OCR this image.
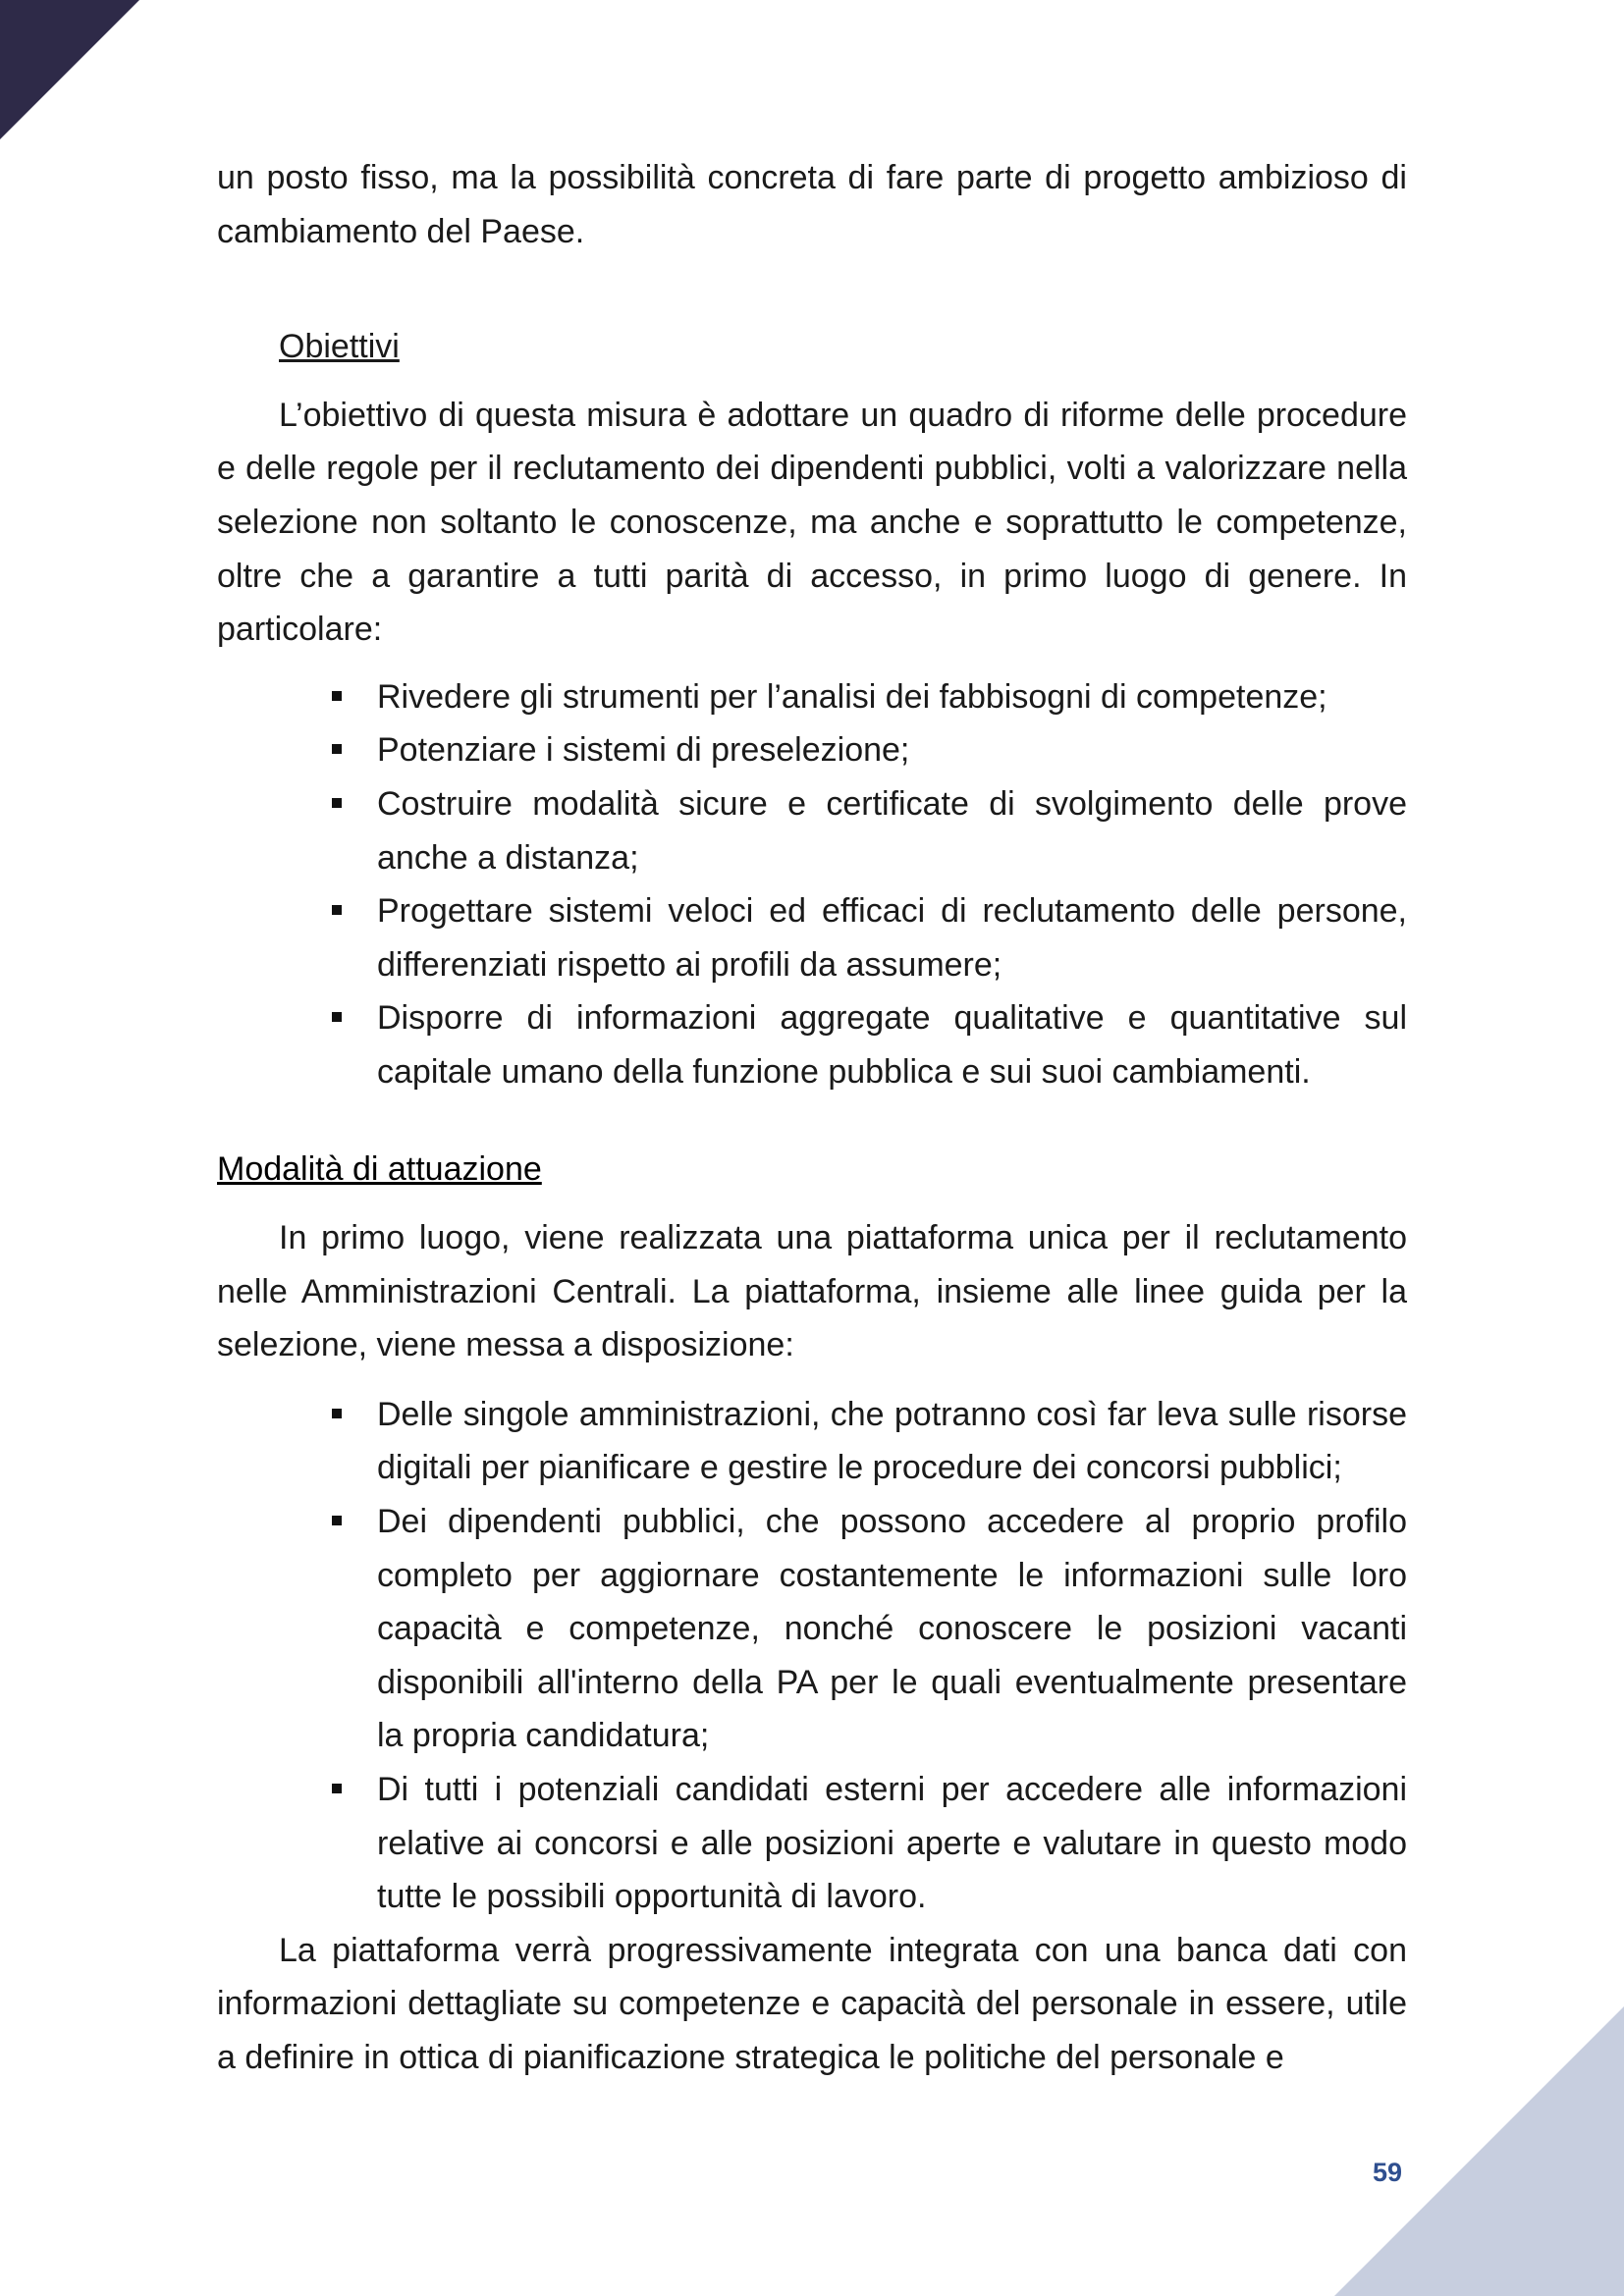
un posto fisso, ma la possibilità concreta di fare parte di progetto ambizioso di cambiamento del Paese.

Obiettivi

L’obiettivo di questa misura è adottare un quadro di riforme delle procedure e delle regole per il reclutamento dei dipendenti pubblici, volti a valorizzare nella selezione non soltanto le conoscenze, ma anche e soprattutto le competenze, oltre che a garantire a tutti parità di accesso, in primo luogo di genere. In particolare:

Rivedere gli strumenti per l’analisi dei fabbisogni di competenze;
Potenziare i sistemi di preselezione;
Costruire modalità sicure e certificate di svolgimento delle prove anche a distanza;
Progettare sistemi veloci ed efficaci di reclutamento delle persone, differenziati rispetto ai profili da assumere;
Disporre di informazioni aggregate qualitative e quantitative sul capitale umano della funzione pubblica e sui suoi cambiamenti.

Modalità di attuazione

In primo luogo, viene realizzata una piattaforma unica per il reclutamento nelle Amministrazioni Centrali. La piattaforma, insieme alle linee guida per la selezione, viene messa a disposizione:

Delle singole amministrazioni, che potranno così far leva sulle risorse digitali per pianificare e gestire le procedure dei concorsi pubblici;
Dei dipendenti pubblici, che possono accedere al proprio profilo completo per aggiornare costantemente le informazioni sulle loro capacità e competenze, nonché conoscere le posizioni vacanti disponibili all'interno della PA per le quali eventualmente presentare la propria candidatura;
Di tutti i potenziali candidati esterni per accedere alle informazioni relative ai concorsi e alle posizioni aperte e valutare in questo modo tutte le possibili opportunità di lavoro.

La piattaforma verrà progressivamente integrata con una banca dati con informazioni dettagliate su competenze e capacità del personale in essere, utile a definire in ottica di pianificazione strategica le politiche del personale e

59
